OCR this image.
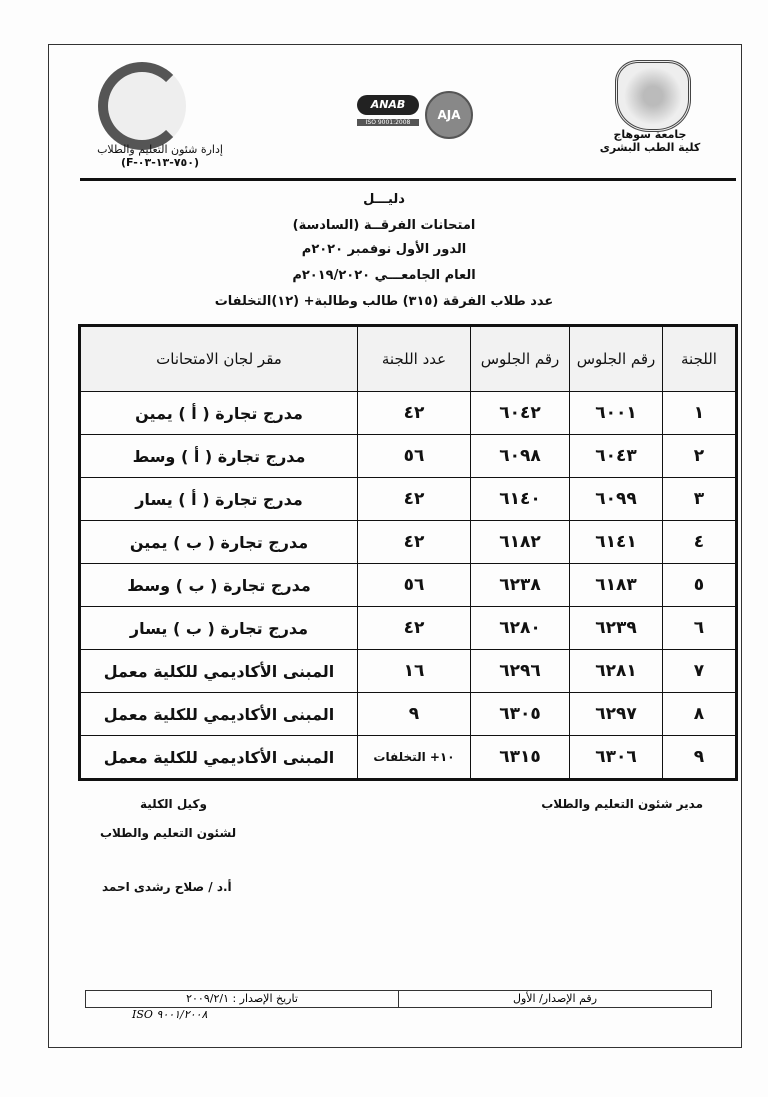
جامعة سوهاج
كلية الطب البشرى
ANAB
ISO 9001:2008
AJA
إدارة شئون التعليم والطلاب
(F-٧٥٠-١٣-٠٣)
دليـــل
امتحانات الفرقــة (السادسة)
الدور الأول نوفمبر ٢٠٢٠م
العام الجامعـــي ٢٠١٩/٢٠٢٠م
عدد طلاب الفرقة (٣١٥) طالب وطالبة+ (١٢)التخلفات
اللجنة	رقم الجلوس	رقم الجلوس	عدد اللجنة	مقر لجان الامتحانات
١	٦٠٠١	٦٠٤٢	٤٢	مدرج تجارة ( أ ) يمين
٢	٦٠٤٣	٦٠٩٨	٥٦	مدرج تجارة ( أ ) وسط
٣	٦٠٩٩	٦١٤٠	٤٢	مدرج تجارة ( أ ) يسار
٤	٦١٤١	٦١٨٢	٤٢	مدرج تجارة ( ب ) يمين
٥	٦١٨٣	٦٢٣٨	٥٦	مدرج تجارة ( ب ) وسط
٦	٦٢٣٩	٦٢٨٠	٤٢	مدرج تجارة ( ب ) يسار
٧	٦٢٨١	٦٢٩٦	١٦	المبنى الأكاديمي للكلية معمل
٨	٦٢٩٧	٦٣٠٥	٩	المبنى الأكاديمي للكلية معمل
٩	٦٣٠٦	٦٣١٥	١٠+ التخلفات	المبنى الأكاديمي للكلية معمل
مدير شئون التعليم والطلاب
وكيل الكلية
لشئون التعليم والطلاب
أ.د / صلاح رشدى احمد
رقم الإصدار/ الأول
تاريخ الإصدار : ٢٠٠٩/٢/١
ISO ٩٠٠١/٢٠٠٨
